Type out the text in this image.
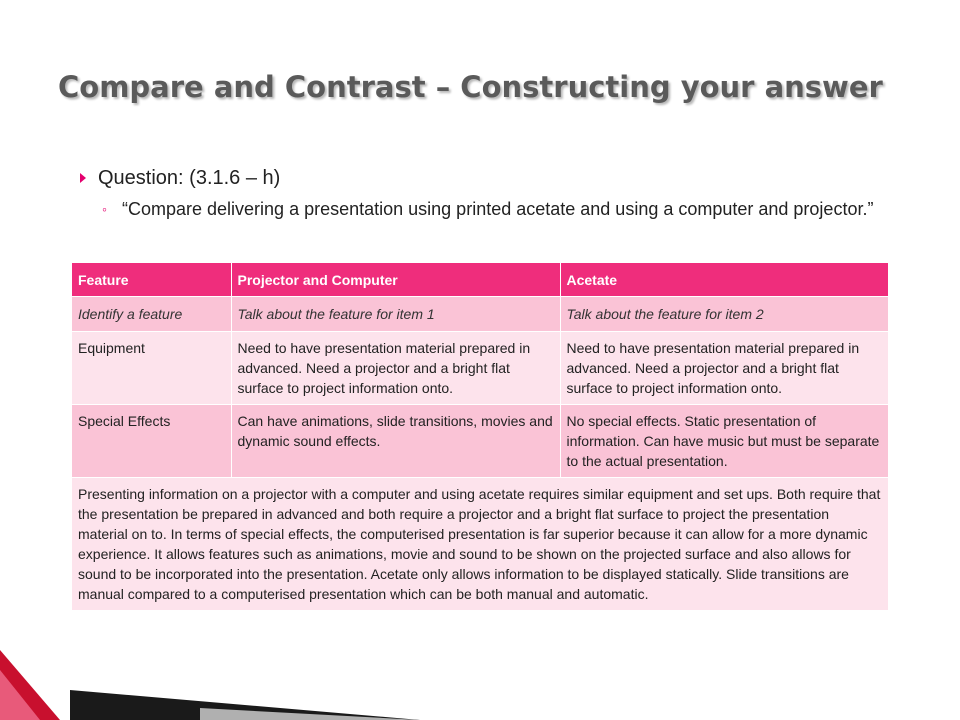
Compare and Contrast – Constructing your answer
Question: (3.1.6 – h)
◦ “Compare delivering a presentation using printed acetate and using a computer and projector.”
Feature	Projector and Computer	Acetate
Identify a feature	Talk about the feature for item 1	Talk about the feature for item 2
Equipment	Need to have presentation material prepared in advanced. Need a projector and a bright flat surface to project information onto.	Need to have presentation material prepared in advanced. Need a projector and a bright flat surface to project information onto.
Special Effects	Can have animations, slide transitions, movies and dynamic sound effects.	No special effects. Static presentation of information. Can have music but must be separate to the actual presentation.
Presenting information on a projector with a computer and using acetate requires similar equipment and set ups. Both require that the presentation be prepared in advanced and both require a projector and a bright flat surface to project the presentation material on to. In terms of special effects, the computerised presentation is far superior because it can allow for a more dynamic experience. It allows features such as animations, movie and sound to be shown on the projected surface and also allows for sound to be incorporated into the presentation. Acetate only allows information to be displayed statically. Slide transitions are manual compared to a computerised presentation which can be both manual and automatic.		
